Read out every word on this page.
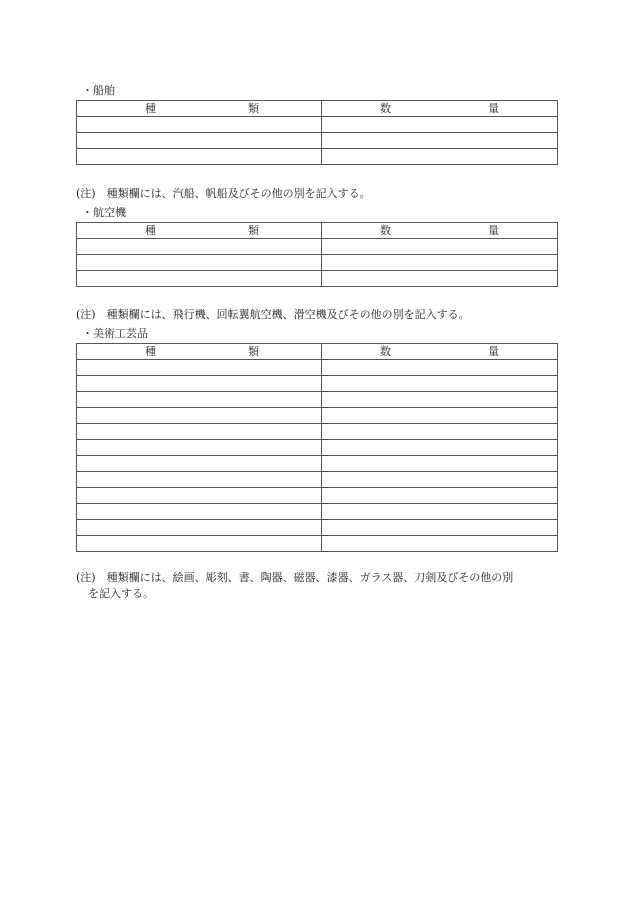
・船舶
種 類	数 量

(注)　種類欄には、汽船、帆船及びその他の別を記入する。
・航空機
種 類	数 量

(注)　種類欄には、飛行機、回転翼航空機、滑空機及びその他の別を記入する。
・美術工芸品
種 類	数 量

(注)　種類欄には、絵画、彫刻、書、陶器、磁器、漆器、ガラス器、刀剣及びその他の別
を記入する。
